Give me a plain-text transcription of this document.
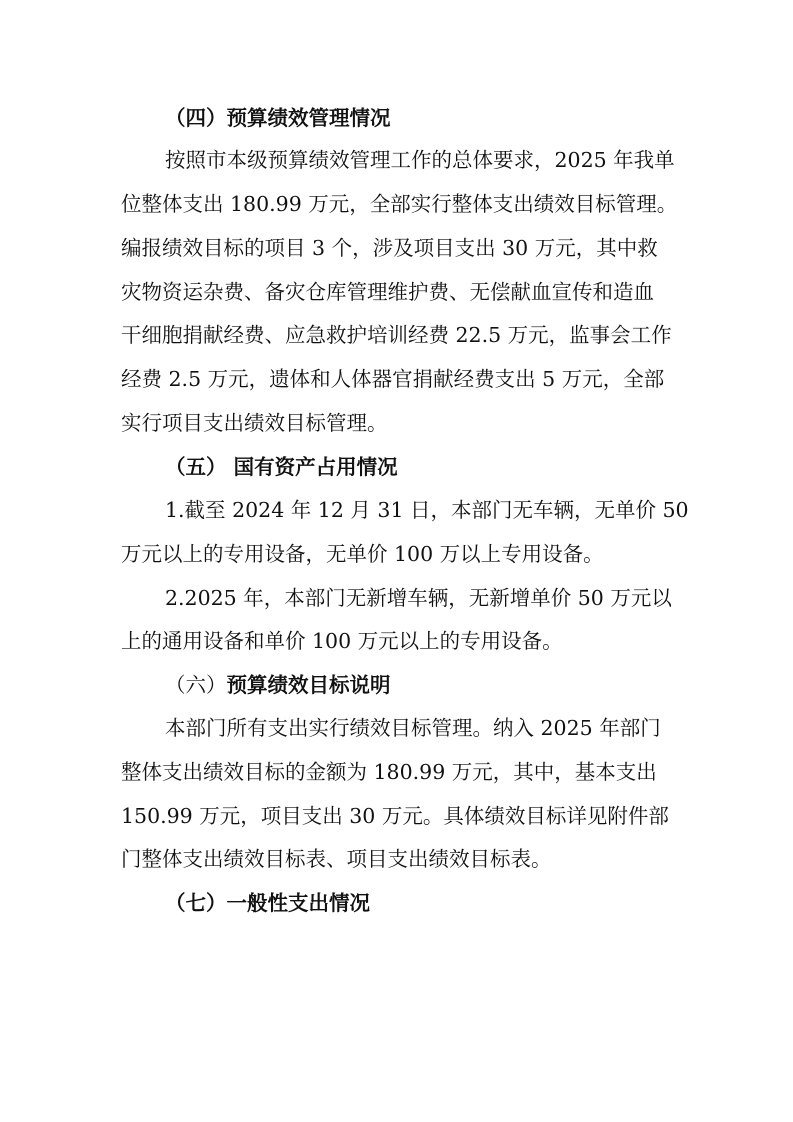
（四）预算绩效管理情况
按照市本级预算绩效管理工作的总体要求，2025 年我单
位整体支出 180.99 万元，全部实行整体支出绩效目标管理。
编报绩效目标的项目 3 个，涉及项目支出 30 万元，其中救
灾物资运杂费、备灾仓库管理维护费、无偿献血宣传和造血
干细胞捐献经费、应急救护培训经费 22.5 万元，监事会工作
经费 2.5 万元，遗体和人体器官捐献经费支出 5 万元，全部
实行项目支出绩效目标管理。
（五） 国有资产占用情况
1.截至 2024 年 12 月 31 日，本部门无车辆，无单价 50
万元以上的专用设备，无单价 100 万以上专用设备。
2.2025 年，本部门无新增车辆，无新增单价 50 万元以
上的通用设备和单价 100 万元以上的专用设备。
（六）预算绩效目标说明
本部门所有支出实行绩效目标管理。纳入 2025 年部门
整体支出绩效目标的金额为 180.99 万元，其中，基本支出
150.99 万元，项目支出 30 万元。具体绩效目标详见附件部
门整体支出绩效目标表、项目支出绩效目标表。
（七）一般性支出情况
